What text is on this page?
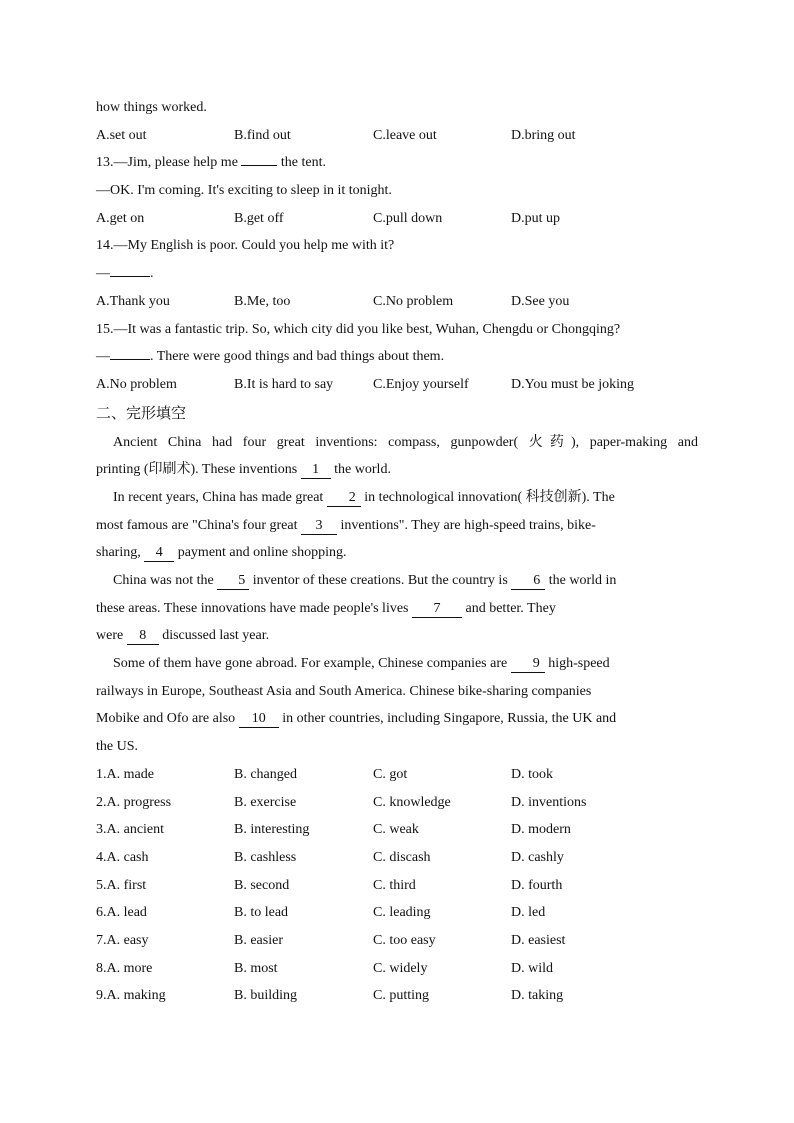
how things worked.
A.set out	B.find out	C.leave out	D.bring out
13.—Jim, please help me	the tent.
—OK. I'm coming. It's exciting to sleep in it tonight.
A.get on	B.get off	C.pull down	D.put up
14.—My English is poor. Could you help me with it?
—	.
A.Thank you	B.Me, too	C.No problem	D.See you
15.—It was a fantastic trip. So, which city did you like best, Wuhan, Chengdu or Chongqing?
—	. There were good things and bad things about them.
A.No problem	B.It is hard to say	C.Enjoy yourself	D.You must be joking
二、完形填空
Ancient China had four great inventions: compass, gunpowder( 火药), paper-making and
printing (印刷术). These inventions 1 the world.
In recent years, China has made great 2 in technological innovation( 科技创新). The
most famous are "China's four great 3 inventions". They are high-speed trains, bike-
sharing, 4 payment and online shopping.
China was not the 5 inventor of these creations. But the country is 6 the world in
these areas. These innovations have made people's lives 7 and better. They
were 8 discussed last year.
Some of them have gone abroad. For example, Chinese companies are 9 high-speed
railways in Europe, Southeast Asia and South America. Chinese bike-sharing companies
Mobike and Ofo are also 10 in other countries, including Singapore, Russia, the UK and
the US.
1.A. made	B. changed	C. got	D. took
2.A. progress	B. exercise	C. knowledge	D. inventions
3.A. ancient	B. interesting	C. weak	D. modern
4.A. cash	B. cashless	C. discash	D. cashly
5.A. first	B. second	C. third	D. fourth
6.A. lead	B. to lead	C. leading	D. led
7.A. easy	B. easier	C. too easy	D. easiest
8.A. more	B. most	C. widely	D. wild
9.A. making	B. building	C. putting	D. taking
